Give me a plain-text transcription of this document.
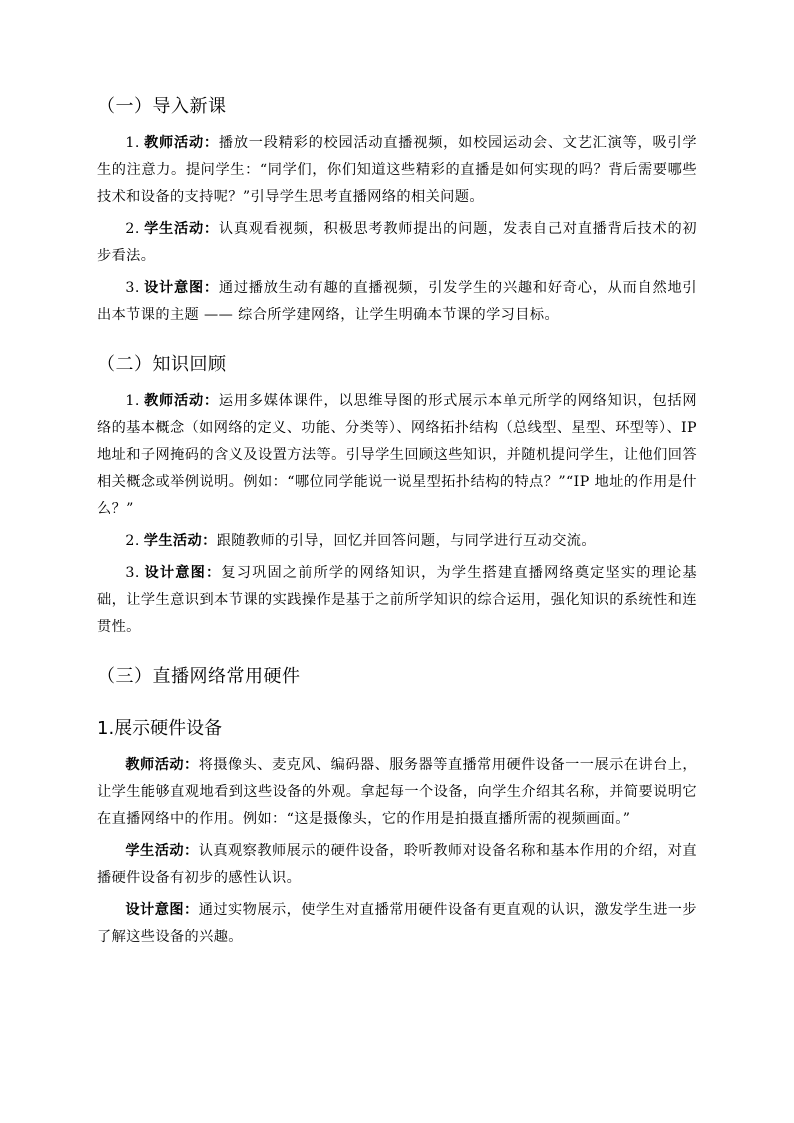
（一）导入新课

1. 教师活动：播放一段精彩的校园活动直播视频，如校园运动会、文艺汇演等，吸引学生的注意力。提问学生：“同学们，你们知道这些精彩的直播是如何实现的吗？背后需要哪些技术和设备的支持呢？”引导学生思考直播网络的相关问题。

2. 学生活动：认真观看视频，积极思考教师提出的问题，发表自己对直播背后技术的初步看法。

3. 设计意图：通过播放生动有趣的直播视频，引发学生的兴趣和好奇心，从而自然地引出本节课的主题 —— 综合所学建网络，让学生明确本节课的学习目标。

（二）知识回顾

1. 教师活动：运用多媒体课件，以思维导图的形式展示本单元所学的网络知识，包括网络的基本概念（如网络的定义、功能、分类等）、网络拓扑结构（总线型、星型、环型等）、IP 地址和子网掩码的含义及设置方法等。引导学生回顾这些知识，并随机提问学生，让他们回答相关概念或举例说明。例如：“哪位同学能说一说星型拓扑结构的特点？”“IP 地址的作用是什么？”

2. 学生活动：跟随教师的引导，回忆并回答问题，与同学进行互动交流。

3. 设计意图：复习巩固之前所学的网络知识，为学生搭建直播网络奠定坚实的理论基础，让学生意识到本节课的实践操作是基于之前所学知识的综合运用，强化知识的系统性和连贯性。

（三）直播网络常用硬件
1.展示硬件设备

教师活动：将摄像头、麦克风、编码器、服务器等直播常用硬件设备一一展示在讲台上，让学生能够直观地看到这些设备的外观。拿起每一个设备，向学生介绍其名称，并简要说明它在直播网络中的作用。例如：“这是摄像头，它的作用是拍摄直播所需的视频画面。”

学生活动：认真观察教师展示的硬件设备，聆听教师对设备名称和基本作用的介绍，对直播硬件设备有初步的感性认识。

设计意图：通过实物展示，使学生对直播常用硬件设备有更直观的认识，激发学生进一步了解这些设备的兴趣。
